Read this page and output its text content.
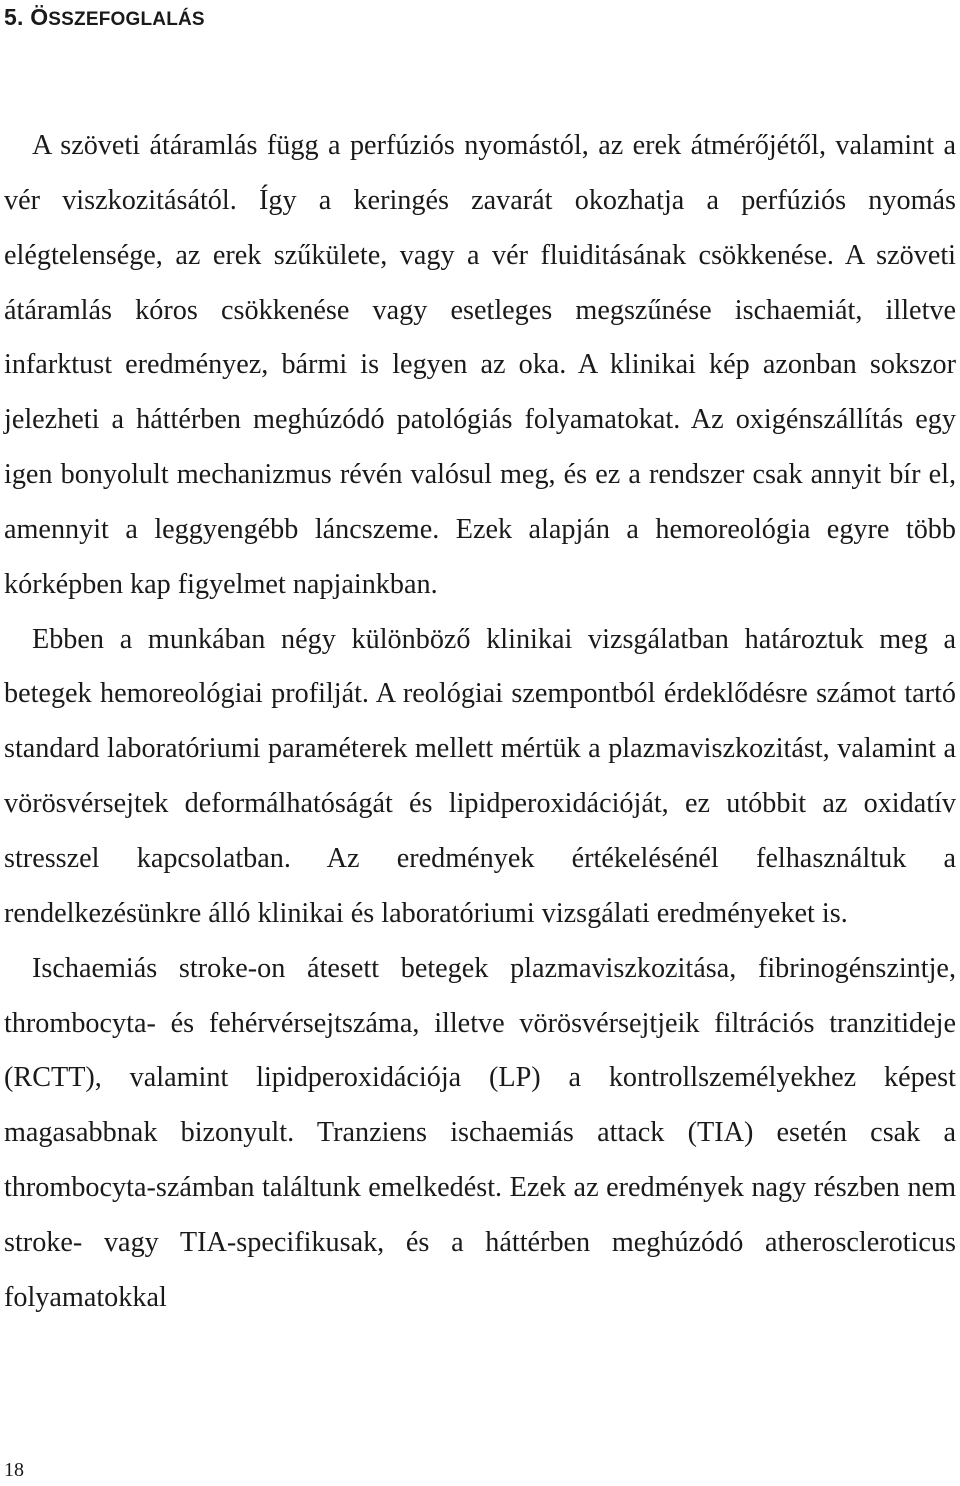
5. ÖSSZEFOGLALÁS

A szöveti átáramlás függ a perfúziós nyomástól, az erek átmérőjétől, valamint a vér viszkozitásától. Így a keringés zavarát okozhatja a perfúziós nyomás elégtelensége, az erek szűkülete, vagy a vér fluiditásának csökkenése. A szöveti átáramlás kóros csökkenése vagy esetleges megszűnése ischaemiát, illetve infarktust eredményez, bármi is legyen az oka. A klinikai kép azonban sokszor jelezheti a háttérben meghúzódó patológiás folyamatokat. Az oxigénszállítás egy igen bonyolult mechanizmus révén valósul meg, és ez a rendszer csak annyit bír el, amennyit a leggyengébb láncszeme. Ezek alapján a hemoreológia egyre több kórképben kap figyelmet napjainkban.

Ebben a munkában négy különböző klinikai vizsgálatban határoztuk meg a betegek hemoreológiai profilját. A reológiai szempontból érdeklődésre számot tartó standard laboratóriumi paraméterek mellett mértük a plazmaviszkozitást, valamint a vörösvérsejtek deformálhatóságát és lipidperoxidációját, ez utóbbit az oxidatív stresszel kapcsolatban. Az eredmények értékelésénél felhasználtuk a rendelkezésünkre álló klinikai és laboratóriumi vizsgálati eredményeket is.

Ischaemiás stroke-on átesett betegek plazmaviszkozitása, fibrinogénszintje, thrombocyta- és fehérvérsejtszáma, illetve vörösvérsejtjeik filtrációs tranzitideje (RCTT), valamint lipidperoxidációja (LP) a kontrollszemélyekhez képest magasabbnak bizonyult. Tranziens ischaemiás attack (TIA) esetén csak a thrombocyta-számban találtunk emelkedést. Ezek az eredmények nagy részben nem stroke- vagy TIA-specifikusak, és a háttérben meghúzódó atheroscleroticus folyamatokkal

18
